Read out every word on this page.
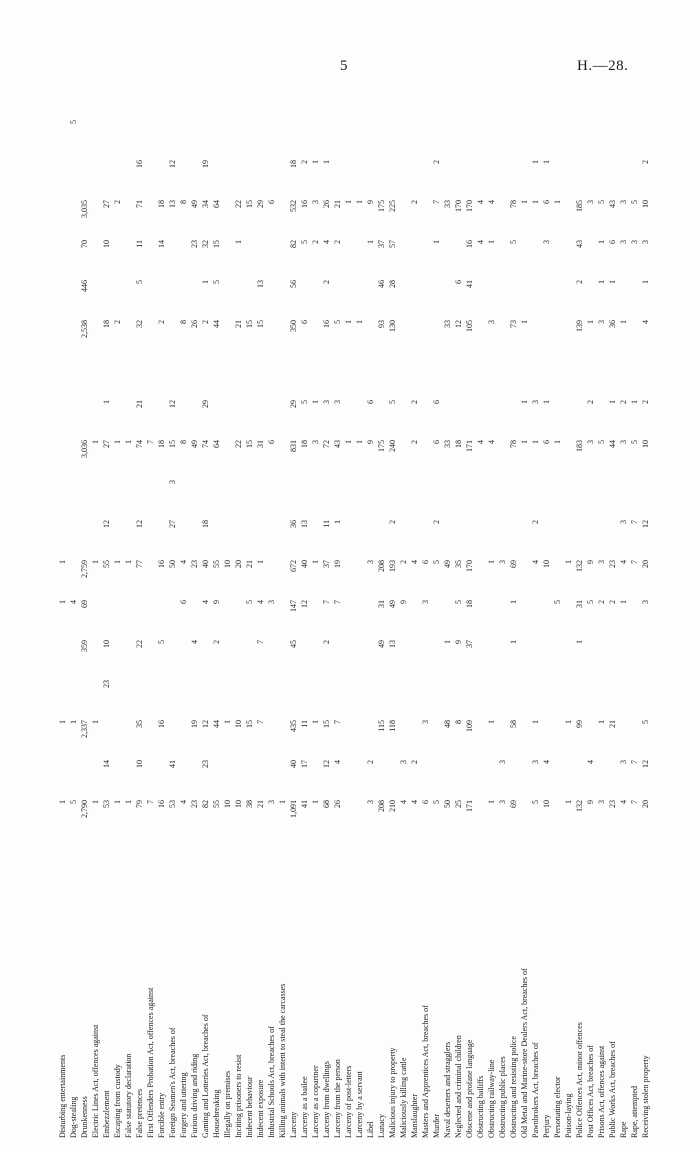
5	H.—28.
Disturbing entertainments
1
1
1
1
Dog-stealing
5
1
4
5
Drunkenness
2,790
2,337
359
69
2,759
3,036
2,538
446
70
3,035
Electric Lines Act, offences against
1
1
1
1
Embezzlement
53
14
23
10
55
12
27
1
18
10
27
Escaping from custody
1
1
1
2
2
False statutory declaration
1
1
1
False pretences
79
10
35
22
77
12
74
21
32
5
11
71
16
First Offenders Probation Act, offences against
7
7
Forcible entry
16
16
5
16
18
2
14
18
Foreign Seamen's Act, breaches of
53
41
50
27
3
15
12
13
12
Forgery and uttering
4
6
4
8
8
8
Furious driving and riding
23
19
4
23
49
26
23
49
Gaming and Lotteries Act, breaches of
82
23
12
4
40
18
74
29
2
1
32
34
19
Housebreaking
55
44
2
9
55
64
44
5
15
64
Illegally on premises
10
1
10
Inciting prisoners to resist
10
10
20
22
21
1
22
Indecent behaviour
38
15
5
21
15
15
15
Indecent exposure
21
7
7
4
1
31
15
13
29
Industrial Schools Act, breaches of
3
3
6
6
Killing animals with intent to steal the carcasses
1
Larceny
1,091
40
435
45
147
672
36
831
29
350
56
82
532
18
Larceny as a bailee
41
17
11
12
40
13
18
5
6
5
16
2
Larceny as a copartner
1
1
1
3
1
2
3
1
Larceny from dwellings
68
12
15
2
7
37
11
72
3
16
2
4
26
1
Larceny from the person
26
4
7
7
19
1
43
3
5
2
21
Larceny of post-letters
1
1
1
Larceny by a servant
1
1
1
Libel
3
2
3
9
6
1
9
Lunacy
208
115
49
31
208
175
93
46
37
175
Malicious injury to property
210
118
13
49
193
2
240
5
130
28
57
225
Maliciously killing cattle
4
3
9
2
Manslaughter
4
2
4
2
2
2
Masters and Apprentices Act, breaches of
6
3
3
6
Murder
5
5
2
6
6
1
7
2
Naval deserters and stragglers
50
48
1
49
33
33
33
Neglected and criminal children
25
8
9
5
35
18
12
6
170
Obscene and profane language
171
109
37
18
170
171
105
41
16
170
Obstructing bailiffs
4
4
4
Obstructing railway-line
1
1
1
4
3
1
4
Obstructing public places
3
3
3
Obstructing and resisting police
69
58
1
1
69
78
73
5
78
Old Metal and Marine-store Dealers Act, breaches of
1
1
1
1
Pawnbrokers Act, breaches of
5
3
1
4
2
1
3
1
1
Perjury
10
4
10
6
1
3
6
1
Personating elector
5
1
1
Poison-laying
1
1
1
Police Offences Act, minor offences
132
99
1
31
132
183
139
2
43
185
Post Offices Act, breaches of
9
4
5
9
3
2
1
3
Prisons Act, offences against
3
1
2
3
5
3
1
1
5
Public Works Act, breaches of
23
21
2
23
44
1
36
1
6
43
Rape
4
3
1
4
3
3
2
1
3
3
Rape, attempted
7
7
7
7
5
1
3
5
Receiving stolen property
20
12
5
3
20
12
10
2
4
1
3
10
2
